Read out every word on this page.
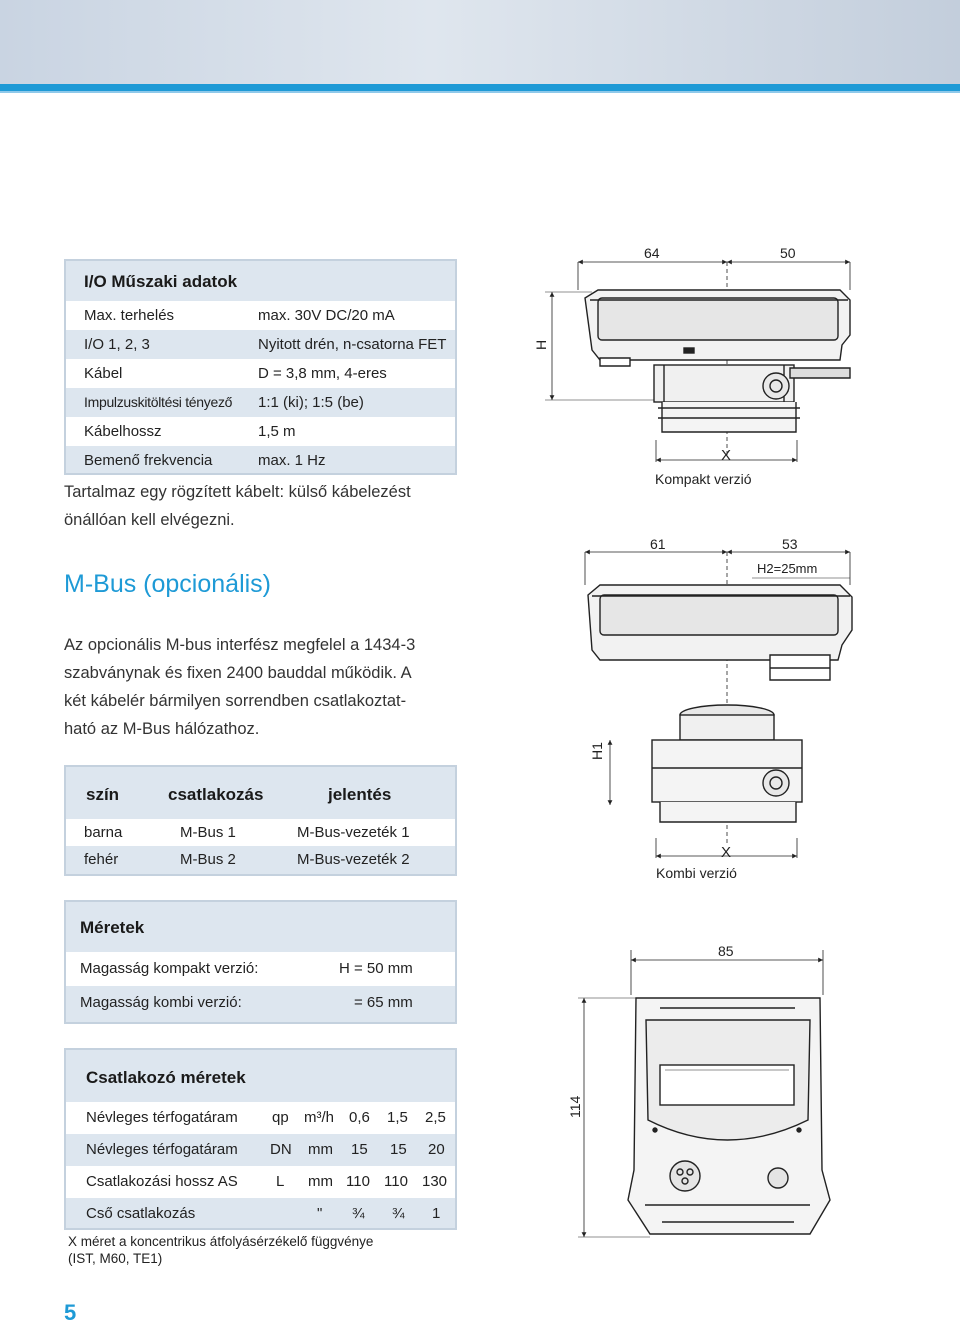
I/O Műszaki adatok
Max. terhelés	max. 30V DC/20 mA
I/O 1, 2, 3	Nyitott drén, n-csatorna FET
Kábel	D = 3,8 mm, 4-eres
Impulzuskitöltési tényező 1:1 (ki); 1:5 (be)
Kábelhossz	1,5 m
Bemenő frekvencia	max. 1 Hz
Tartalmaz egy rögzített kábelt: külső kábelezést
önállóan kell elvégezni.
M-Bus (opcionális)
Az opcionális M-bus interfész megfelel a 1434-3
szabványnak és fixen 2400 bauddal működik. A
két kábelér bármilyen sorrendben csatlakoztat-
ható az M-Bus hálózathoz.
szín	csatlakozás	jelentés
barna	M-Bus 1	M-Bus-vezeték 1
fehér	M-Bus 2	M-Bus-vezeték 2
Méretek
Magasság kompakt verzió:	H = 50 mm
Magasság kombi verzió:	= 65 mm
Csatlakozó méretek
Névleges térfogatáram qp m³/h 0,6 1,5 2,5
Névleges térfogatáram DN mm 15 15 20
Csatlakozási hossz AS	L mm 110 110 130
Cső csatlakozás	" ¾ ¾ 1
X méret a koncentrikus átfolyásérzékelő függvénye
(IST, M60, TE1)
5
64	50
H
X
Kompakt verzió
61	53
H2=25mm
H1
X
Kombi verzió
85
114
